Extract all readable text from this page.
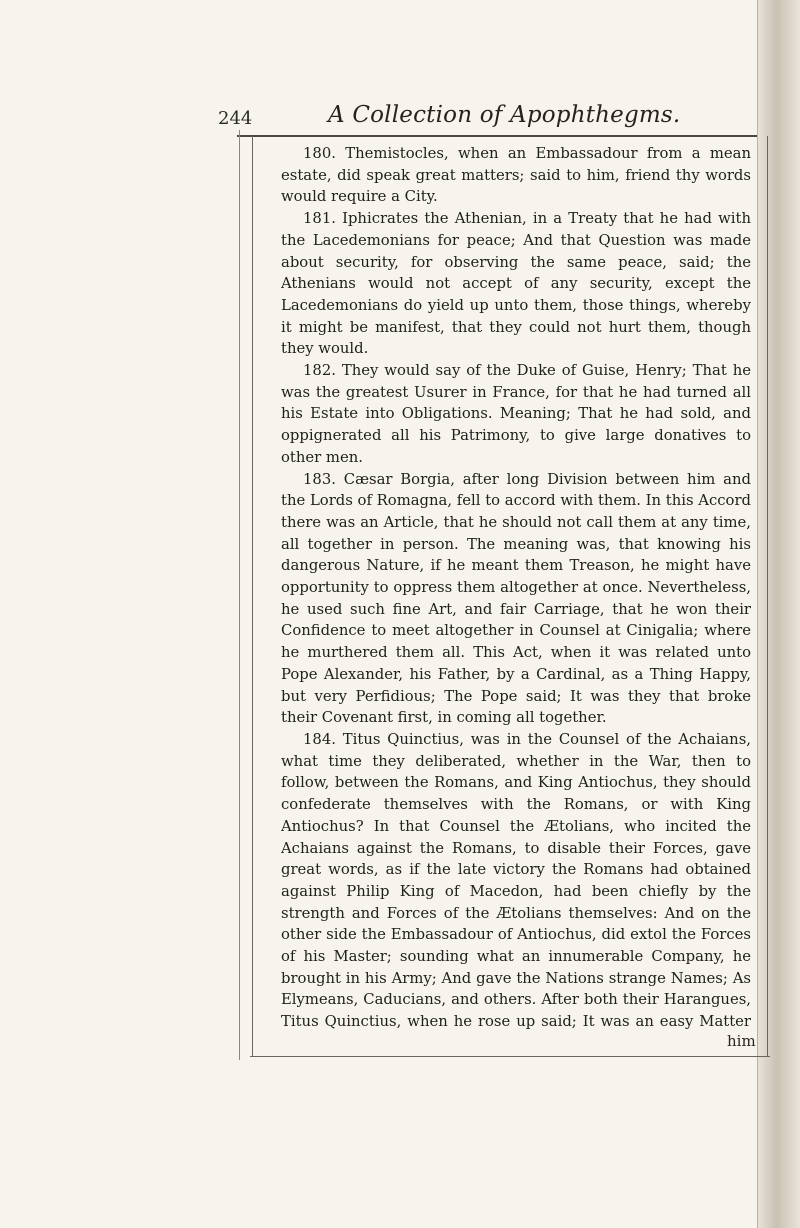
244	A Collection of Apophthegms.

180. Themistocles, when an Embassadour from a mean estate, did speak great matters; said to him, friend thy words would require a City.

181. Iphicrates the Athenian, in a Treaty that he had with the Lacedemonians for peace; And that Question was made about security, for observing the same peace, said; the Athenians would not accept of any security, except the Lacedemonians do yield up unto them, those things, whereby it might be manifest, that they could not hurt them, though they would.

182. They would say of the Duke of Guise, Henry; That he was the greatest Usurer in France, for that he had turned all his Estate into Obligations. Meaning; That he had sold, and oppignerated all his Patrimony, to give large donatives to other men.

183. Cæsar Borgia, after long Division between him and the Lords of Romagna, fell to accord with them. In this Accord there was an Article, that he should not call them at any time, all together in person. The meaning was, that knowing his dangerous Nature, if he meant them Treason, he might have opportunity to oppress them altogether at once. Nevertheless, he used such fine Art, and fair Carriage, that he won their Confidence to meet altogether in Counsel at Cinigalia; where he murthered them all. This Act, when it was related unto Pope Alexander, his Father, by a Cardinal, as a Thing Happy, but very Perfidious; The Pope said; It was they that broke their Covenant first, in coming all together.

184. Titus Quinctius, was in the Counsel of the Achaians, what time they deliberated, whether in the War, then to follow, between the Romans, and King Antiochus, they should confederate themselves with the Romans, or with King Antiochus? In that Counsel the Ætolians, who incited the Achaians against the Romans, to disable their Forces, gave great words, as if the late victory the Romans had obtained against Philip King of Macedon, had been chiefly by the strength and Forces of the Ætolians themselves: And on the other side the Embassadour of Antiochus, did extol the Forces of his Master; sounding what an innumerable Company, he brought in his Army; And gave the Nations strange Names; As Elymeans, Caducians, and others. After both their Harangues, Titus Quinctius, when he rose up said; It was an easy Matter

him
